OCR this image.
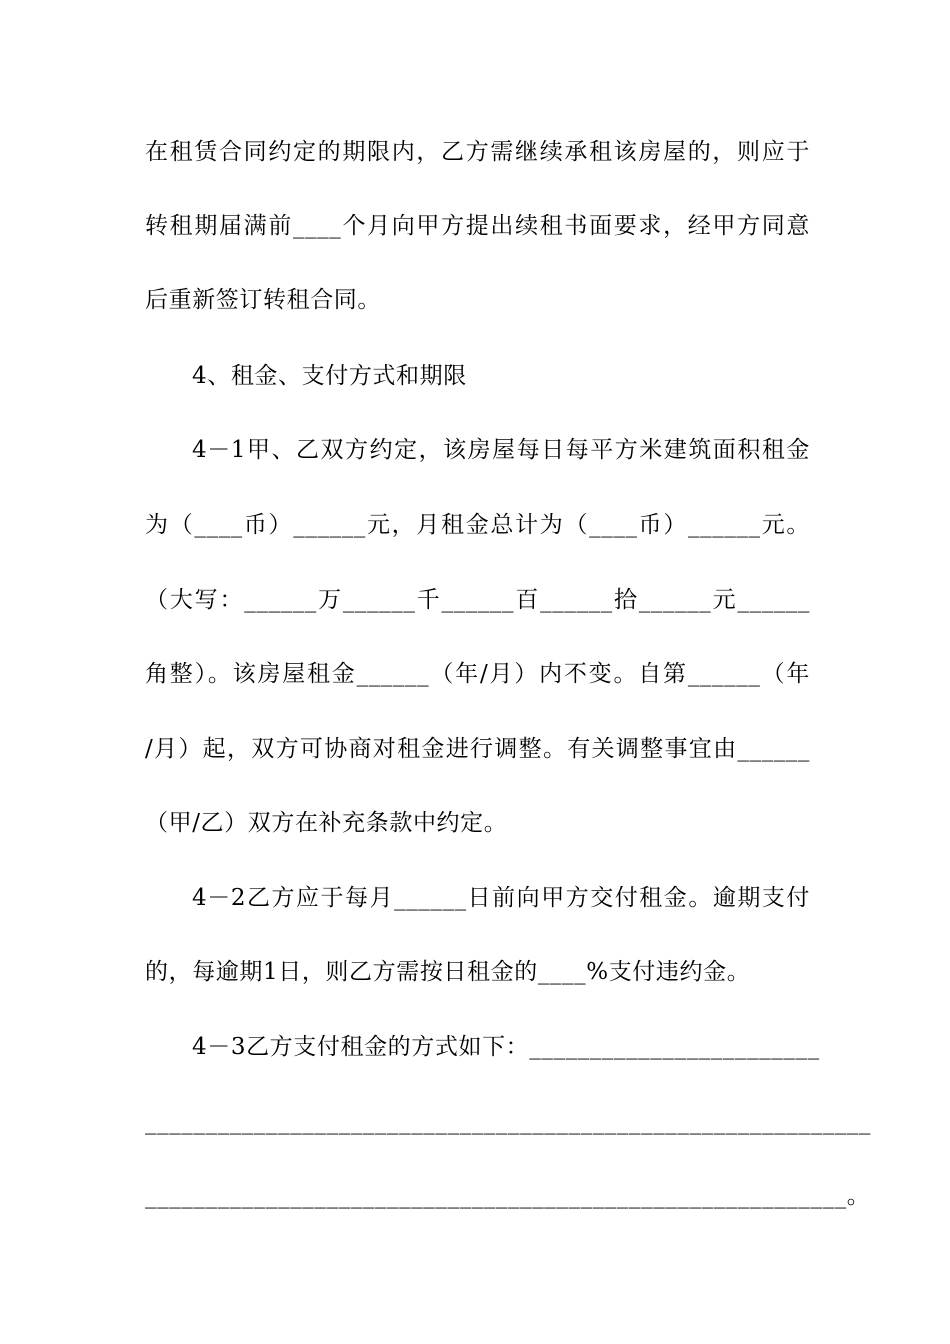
在租赁合同约定的期限内，乙方需继续承租该房屋的，则应于
转租期届满前____个月向甲方提出续租书面要求，经甲方同意
后重新签订转租合同。
4、租金、支付方式和期限
4－1甲、乙双方约定，该房屋每日每平方米建筑面积租金
为（____币）______元，月租金总计为（____币）______元。
（大写：______万______千______百______拾______元______
角整）。该房屋租金______（年/月）内不变。自第______（年
/月）起，双方可协商对租金进行调整。有关调整事宜由______
（甲/乙）双方在补充条款中约定。
4－2乙方应于每月______日前向甲方交付租金。逾期支付
的，每逾期1日，则乙方需按日租金的____%支付违约金。
4－3乙方支付租金的方式如下：________________________
____________________________________________________________
__________________________________________________________。
